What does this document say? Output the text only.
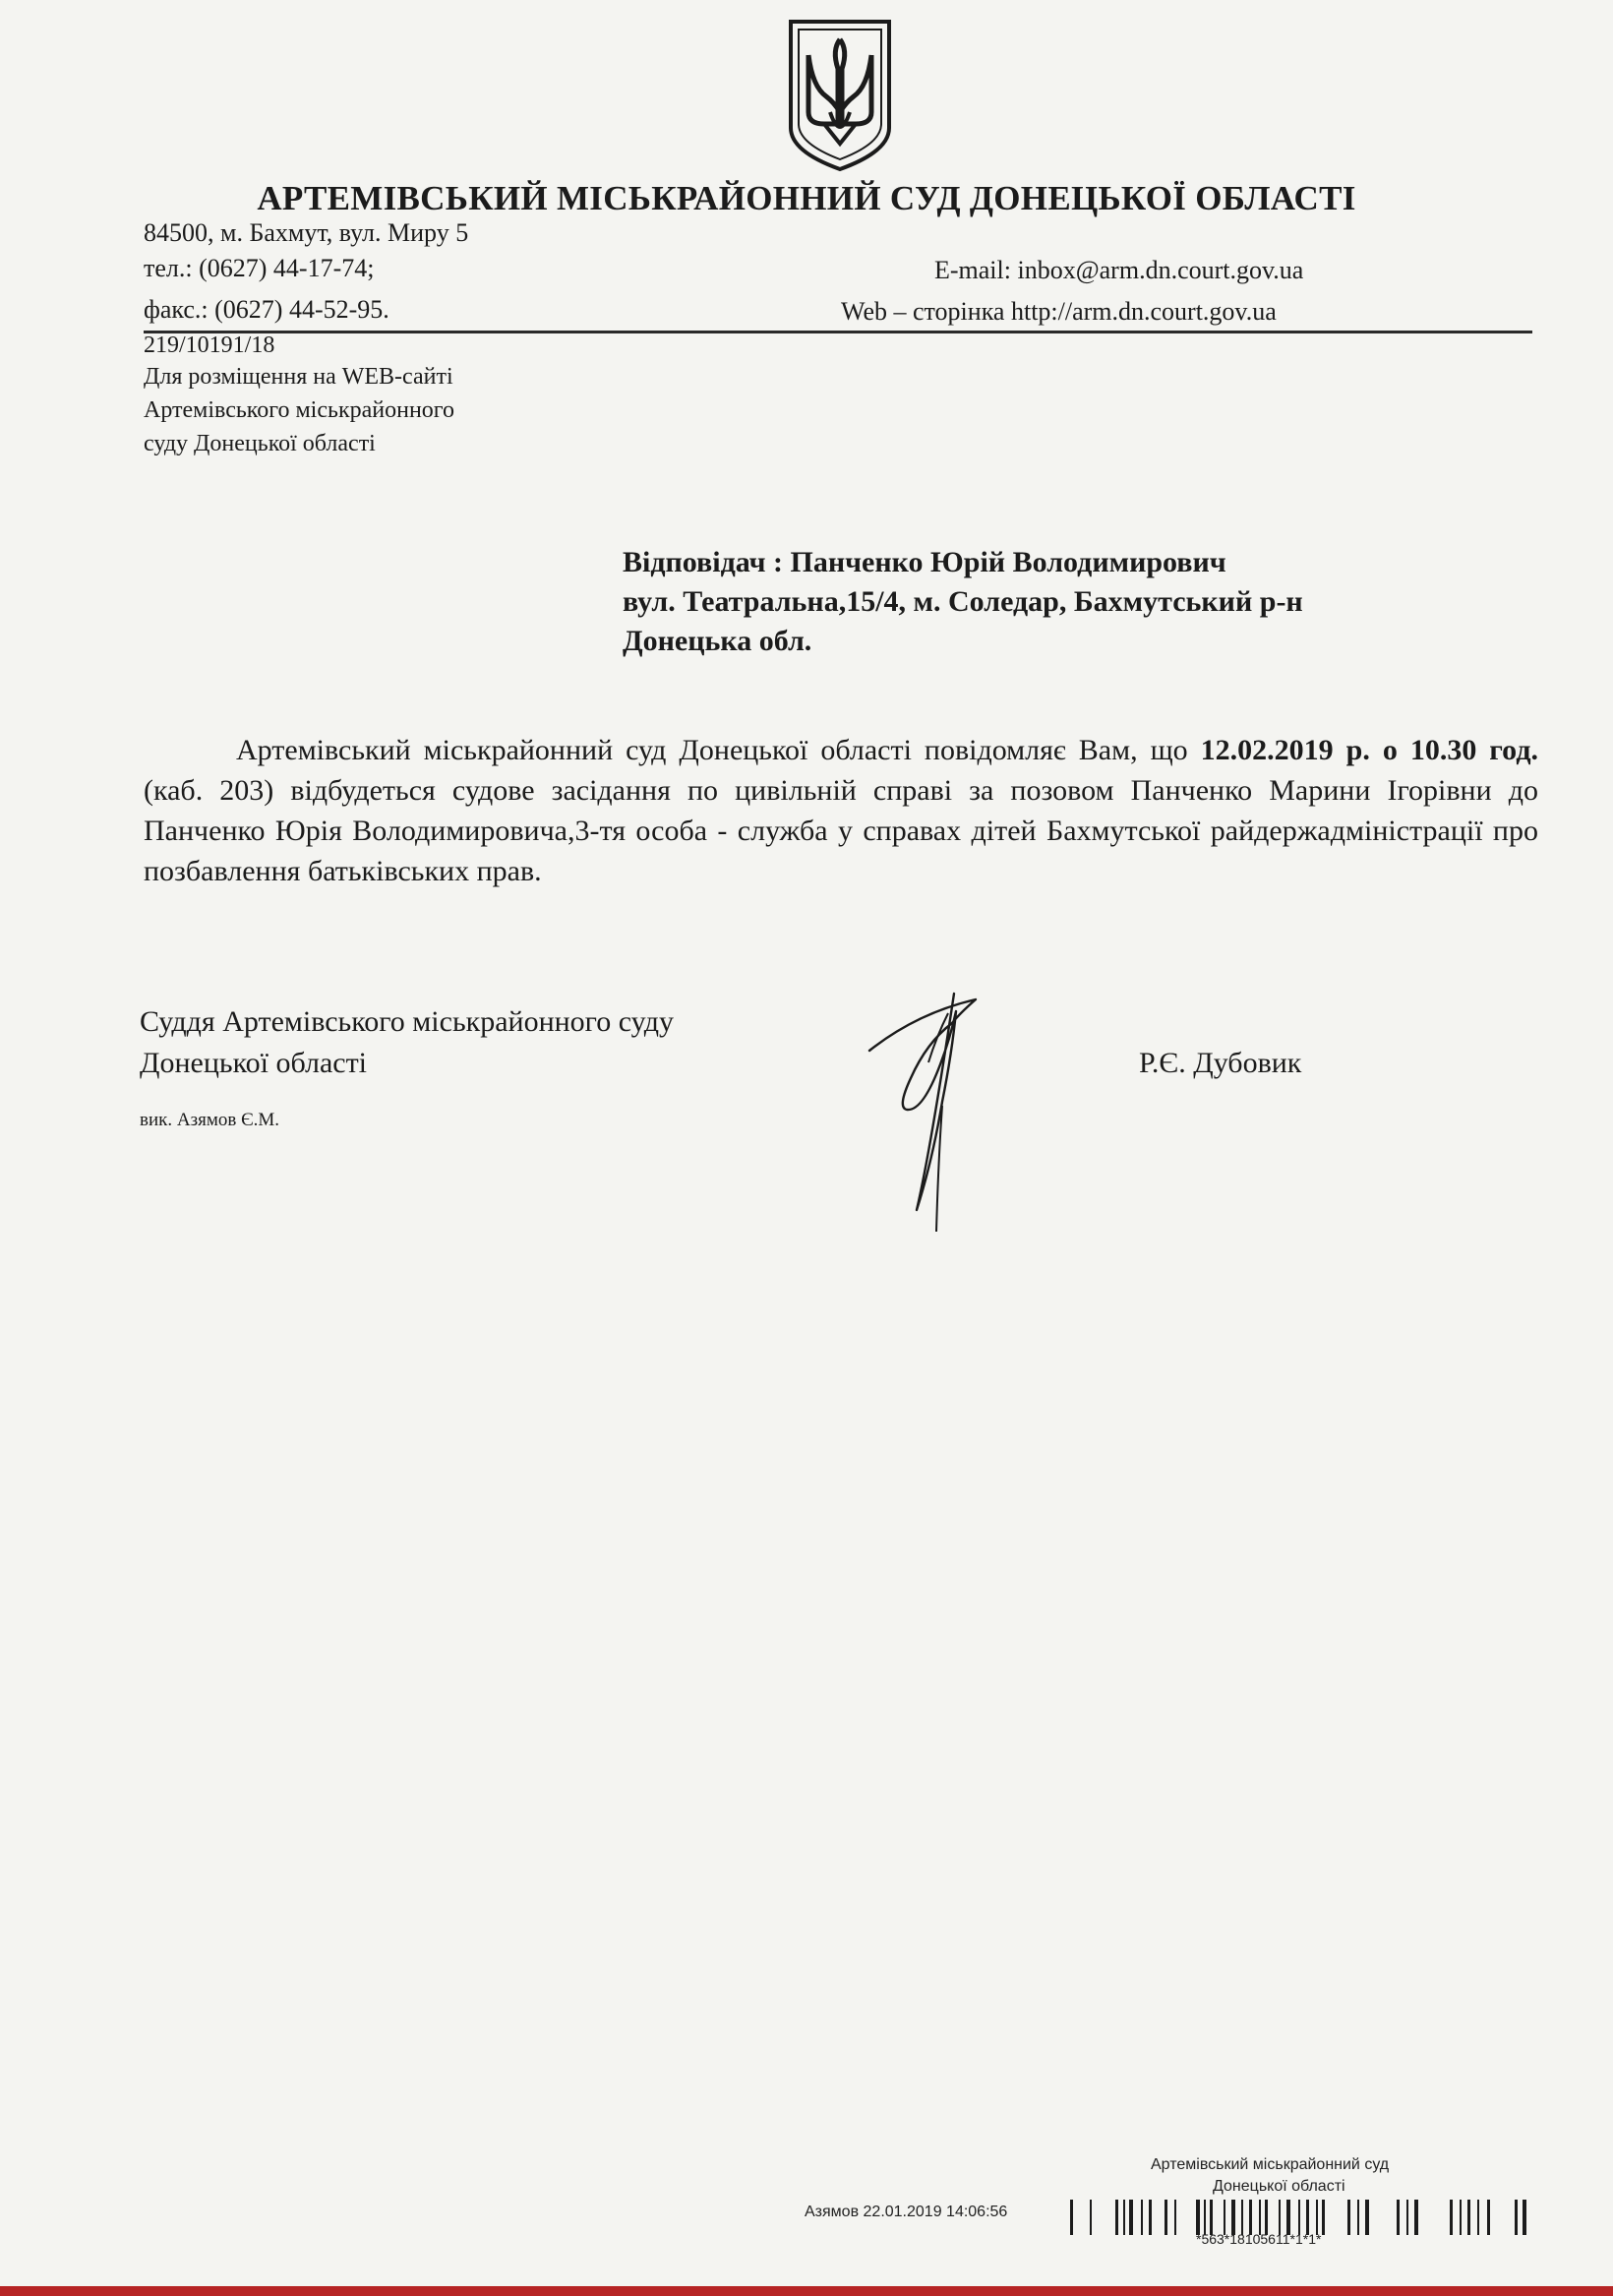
АРТЕМІВСЬКИЙ МІСЬКРАЙОННИЙ СУД ДОНЕЦЬКОЇ ОБЛАСТІ
84500, м. Бахмут, вул. Миру 5
тел.: (0627) 44-17-74;
факс.: (0627) 44-52-95.
E-mail: inbox@arm.dn.court.gov.ua
Web – сторінка http://arm.dn.court.gov.ua
219/10191/18
Для розміщення на WEB-сайті
Артемівського міськрайонного
суду Донецької області
Відповідач : Панченко Юрій Володимирович
вул. Театральна,15/4, м. Соледар, Бахмутський р-н
Донецька обл.
Артемівський міськрайонний суд Донецької області повідомляє Вам, що 12.02.2019 р. о 10.30 год. (каб. 203) відбудеться судове засідання по цивільній справі за позовом Панченко Марини Ігорівни до Панченко Юрія Володимировича,3-тя особа - служба у справах дітей Бахмутської райдержадміністрації про позбавлення батьківських прав.
Суддя Артемівського міськрайонного суду
Донецької області	Р.Є. Дубовик
вик. Азямов Є.М.
Артемівський міськрайонний суд
Донецької області
Азямов 22.01.2019 14:06:56
*563*18105611*1*1*
